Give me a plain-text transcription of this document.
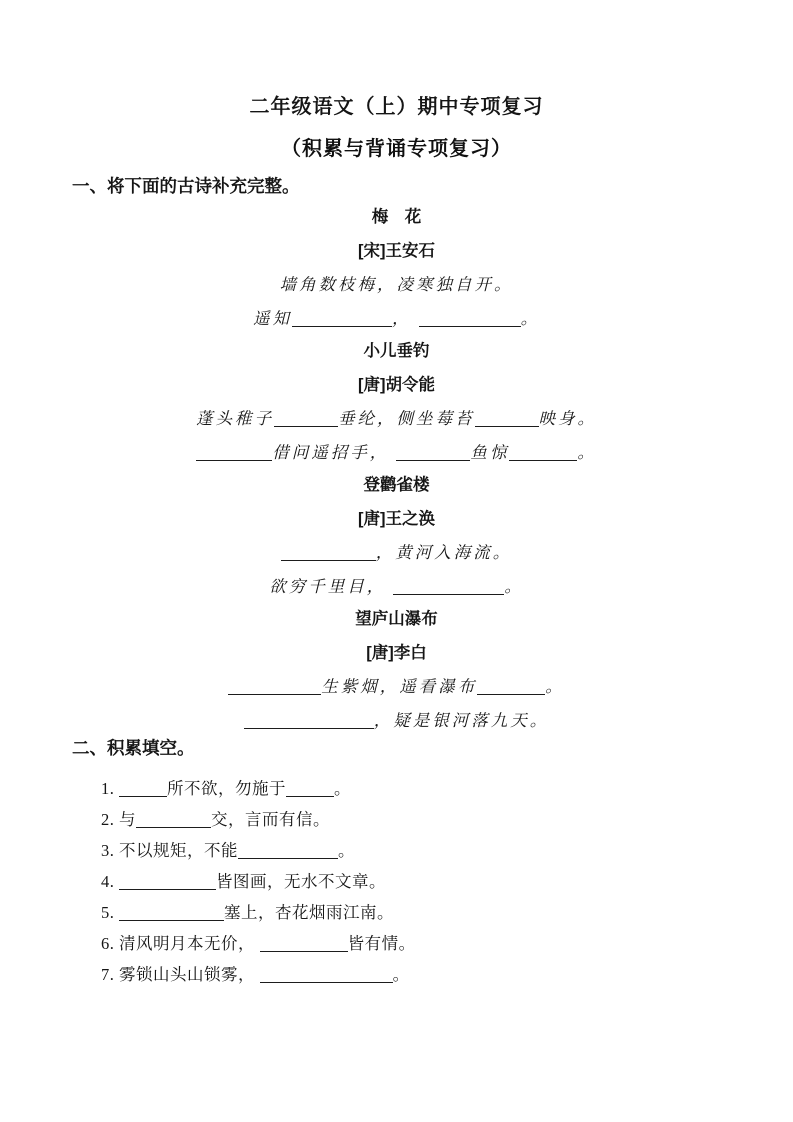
二年级语文（上）期中专项复习
（积累与背诵专项复习）
一、将下面的古诗补充完整。
梅　花
[宋]王安石
墙角数枝梅，凌寒独自开。
遥知	，	。
小儿垂钓
[唐]胡令能
蓬头稚子	垂纶，侧坐莓苔	映身。
借问遥招手，	鱼惊	。
登鹳雀楼
[唐]王之涣
，黄河入海流。
欲穷千里目，	。
望庐山瀑布
[唐]李白
生紫烟，遥看瀑布	。
，疑是银河落九天。
二、积累填空。
1.	所不欲，勿施于	。
2. 与	交，言而有信。
3. 不以规矩，不能	。
4.	皆图画，无水不文章。
5.	塞上，杏花烟雨江南。
6. 清风明月本无价，	皆有情。
7. 雾锁山头山锁雾，	。
